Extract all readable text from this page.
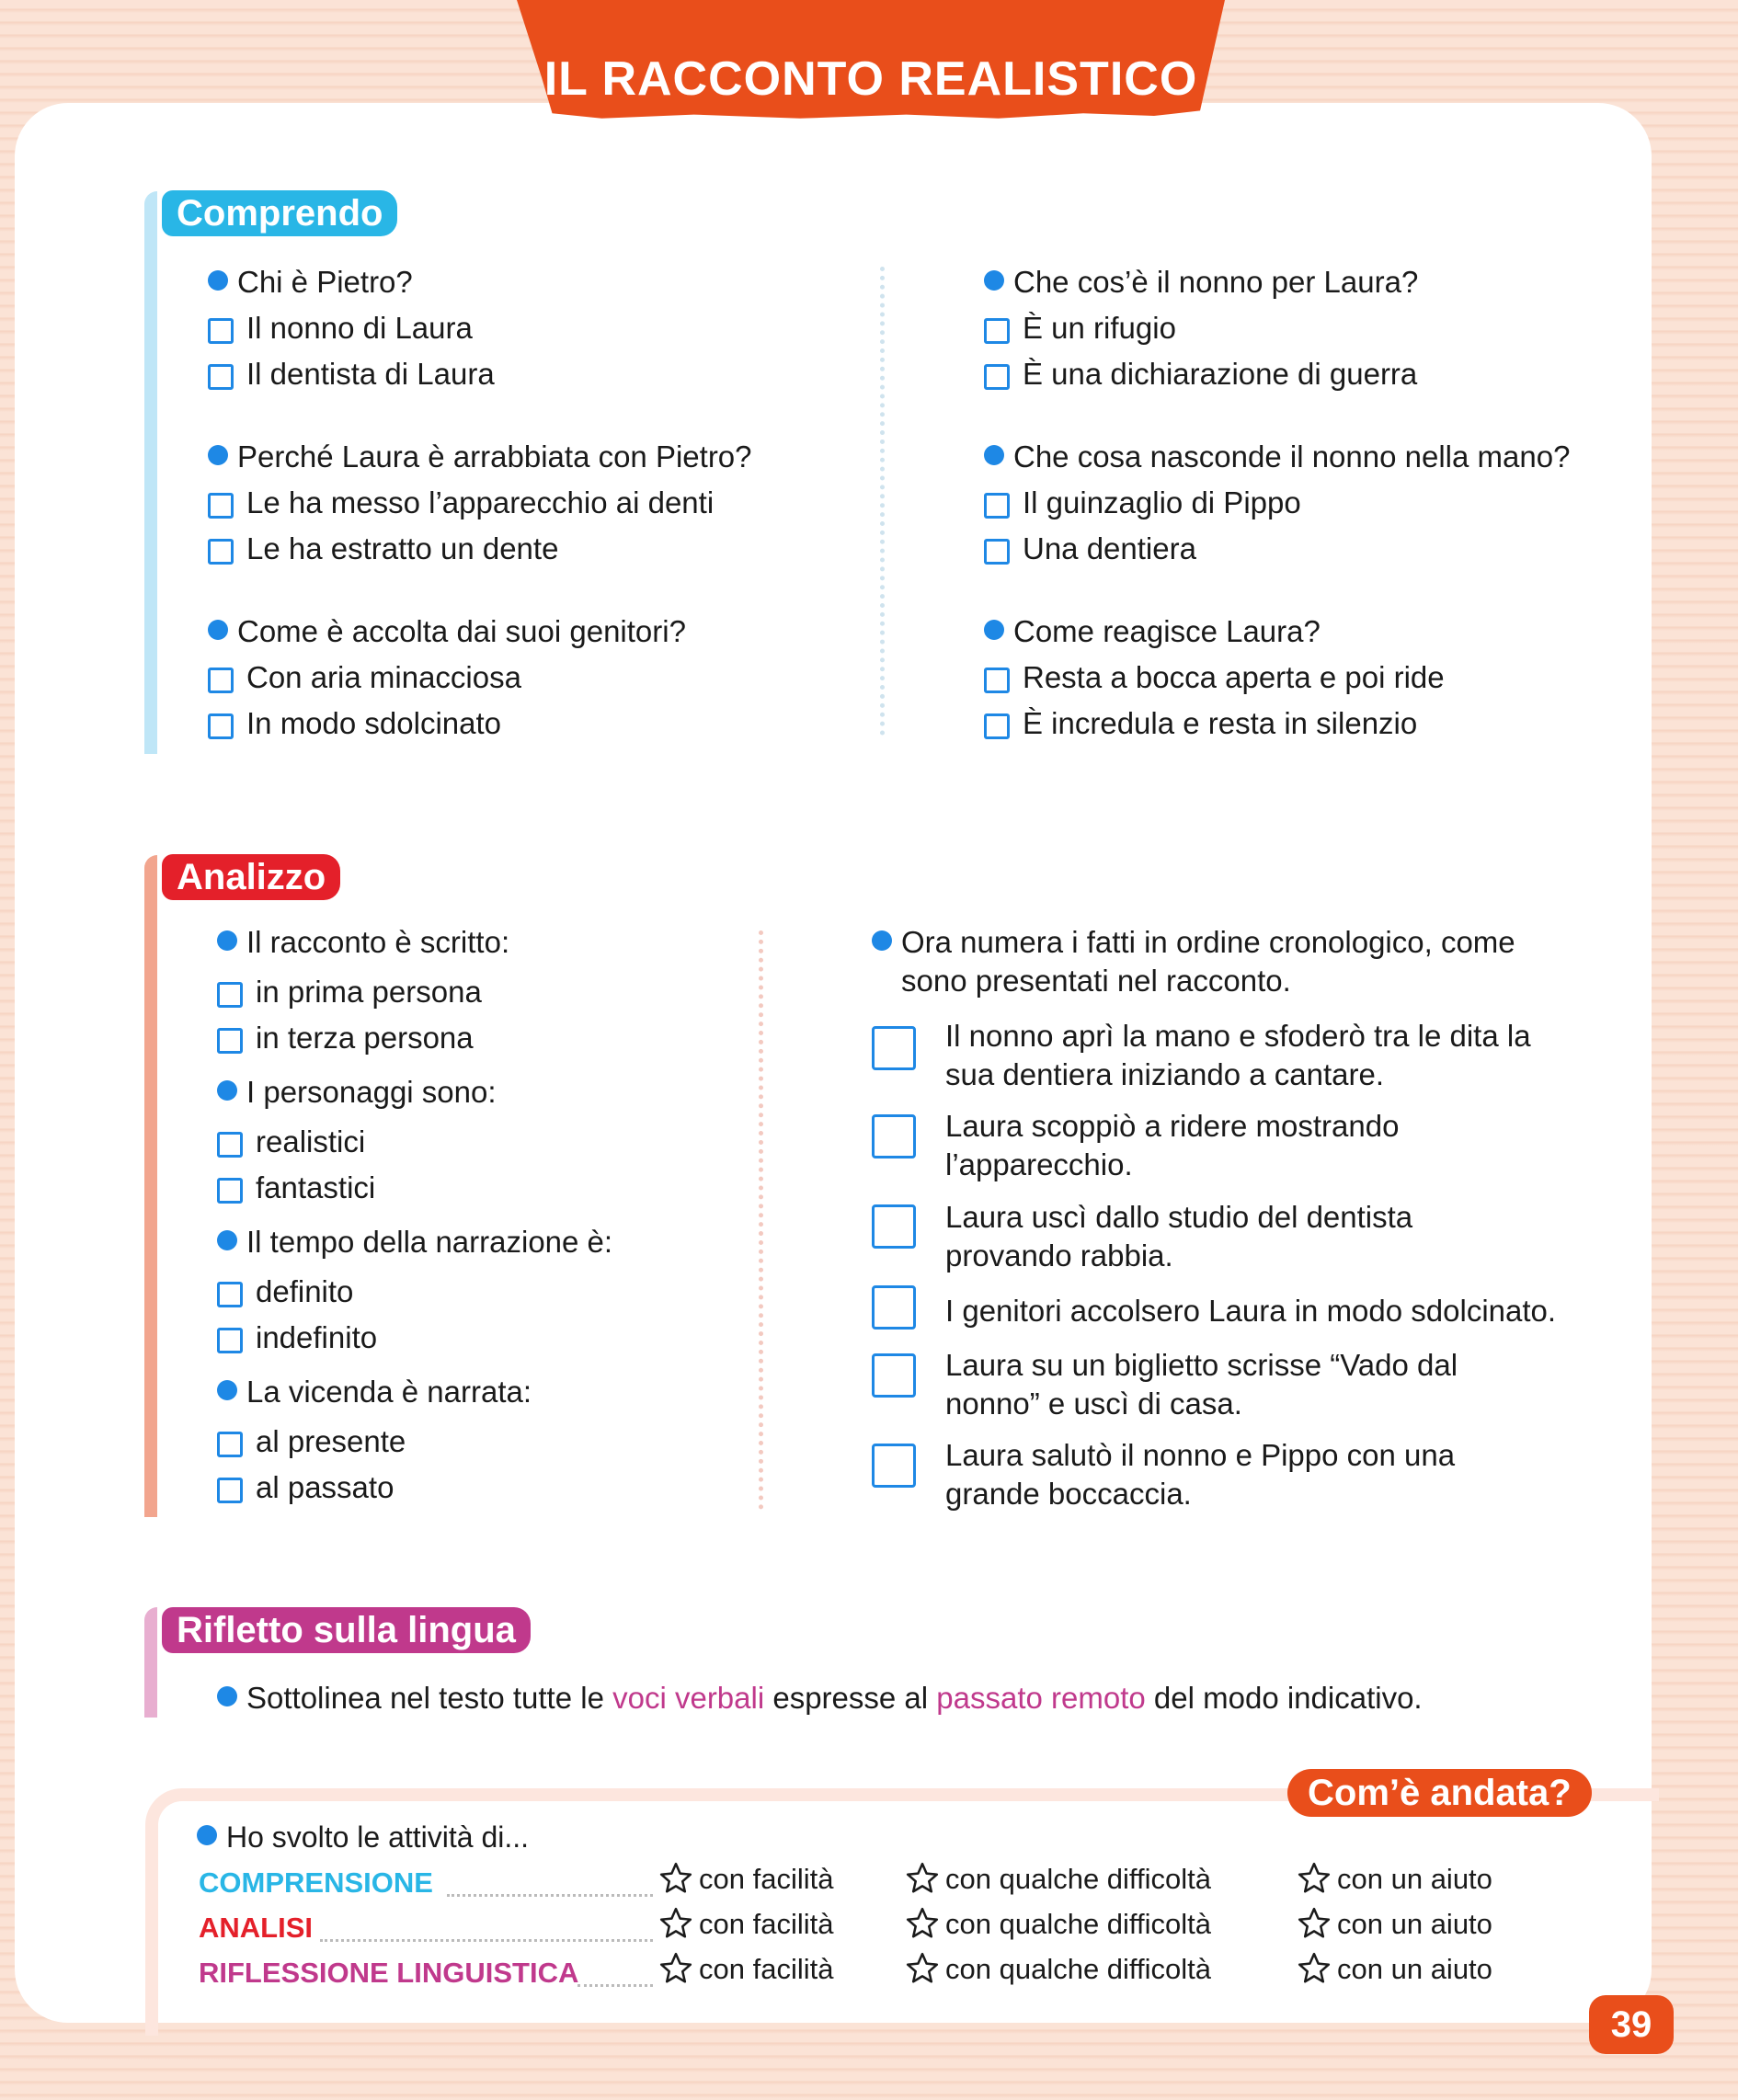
IL RACCONTO REALISTICO
Comprendo
Chi è Pietro?
Il nonno di Laura
Il dentista di Laura
Perché Laura è arrabbiata con Pietro?
Le ha messo l’apparecchio ai denti
Le ha estratto un dente
Come è accolta dai suoi genitori?
Con aria minacciosa
In modo sdolcinato
Che cos’è il nonno per Laura?
È un rifugio
È una dichiarazione di guerra
Che cosa nasconde il nonno nella mano?
Il guinzaglio di Pippo
Una dentiera
Come reagisce Laura?
Resta a bocca aperta e poi ride
È incredula e resta in silenzio
Analizzo
Il racconto è scritto:
in prima persona
in terza persona
I personaggi sono:
realistici
fantastici
Il tempo della narrazione è:
definito
indefinito
La vicenda è narrata:
al presente
al passato
Ora numera i fatti in ordine cronologico, come
sono presentati nel racconto.
Il nonno aprì la mano e sfoderò tra le dita la
sua dentiera iniziando a cantare.
Laura scoppiò a ridere mostrando
l’apparecchio.
Laura uscì dallo studio del dentista
provando rabbia.
I genitori accolsero Laura in modo sdolcinato.
Laura su un biglietto scrisse “Vado dal
nonno” e uscì di casa.
Laura salutò il nonno e Pippo con una
grande boccaccia.
Rifletto sulla lingua
Sottolinea nel testo tutte le voci verbali espresse al passato remoto del modo indicativo.
Com’è andata?
Ho svolto le attività di...
COMPRENSIONE	con facilità	con qualche difficoltà	con un aiuto
ANALISI	con facilità	con qualche difficoltà	con un aiuto
RIFLESSIONE LINGUISTICA	con facilità	con qualche difficoltà	con un aiuto
39
